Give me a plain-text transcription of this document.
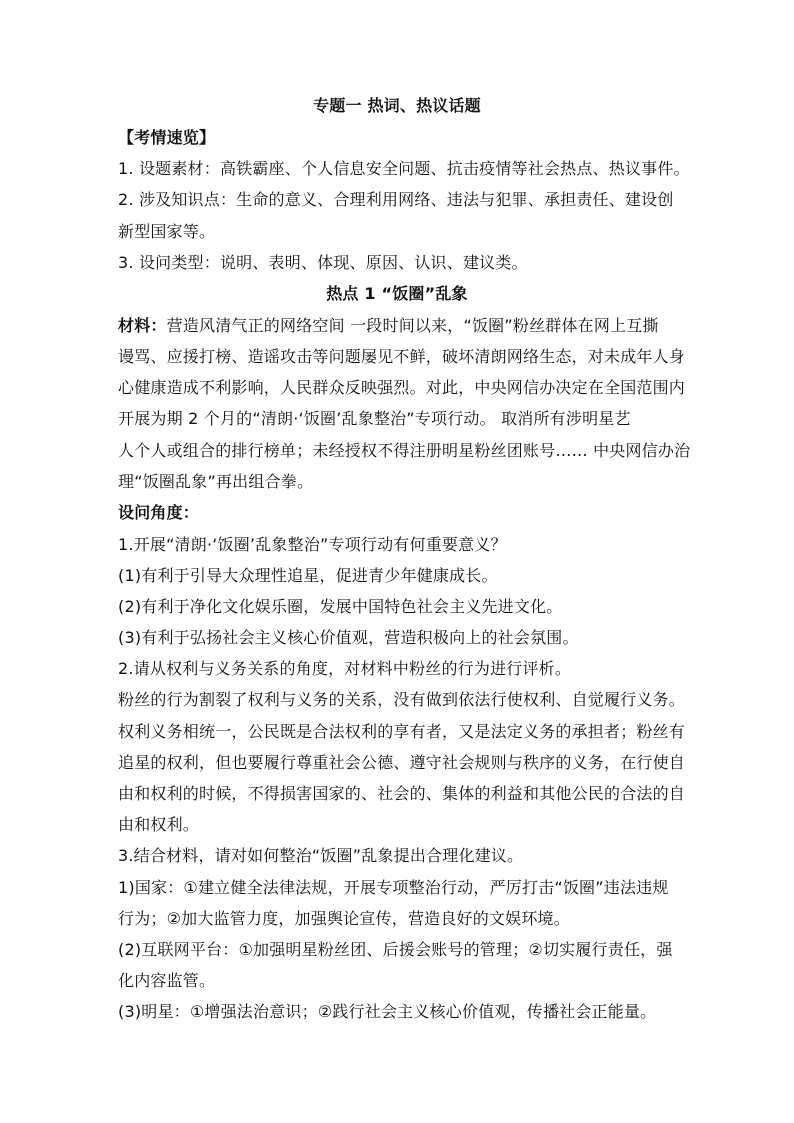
专题一 热词、热议话题
【考情速览】
1. 设题素材：高铁霸座、个人信息安全问题、抗击疫情等社会热点、热议事件。
2. 涉及知识点：生命的意义、合理利用网络、违法与犯罪、承担责任、建设创
新型国家等。
3. 设问类型：说明、表明、体现、原因、认识、建议类。
热点 1 “饭圈”乱象
材料：营造风清气正的网络空间 一段时间以来，“饭圈”粉丝群体在网上互撕
谩骂、应援打榜、造谣攻击等问题屡见不鲜，破坏清朗网络生态，对未成年人身
心健康造成不利影响，人民群众反映强烈。对此，中央网信办决定在全国范围内
开展为期 2 个月的“清朗·‘饭圈’乱象整治”专项行动。 取消所有涉明星艺
人个人或组合的排行榜单；未经授权不得注册明星粉丝团账号…… 中央网信办治
理“饭圈乱象”再出组合拳。
设问角度：
1.开展“清朗·‘饭圈’乱象整治”专项行动有何重要意义？
(1)有利于引导大众理性追星，促进青少年健康成长。
(2)有利于净化文化娱乐圈，发展中国特色社会主义先进文化。
(3)有利于弘扬社会主义核心价值观，营造积极向上的社会氛围。
2.请从权利与义务关系的角度，对材料中粉丝的行为进行评析。
粉丝的行为割裂了权利与义务的关系，没有做到依法行使权利、自觉履行义务。
权利义务相统一，公民既是合法权利的享有者，又是法定义务的承担者；粉丝有
追星的权利，但也要履行尊重社会公德、遵守社会规则与秩序的义务，在行使自
由和权利的时候，不得损害国家的、社会的、集体的利益和其他公民的合法的自
由和权利。
3.结合材料，请对如何整治“饭圈”乱象提出合理化建议。
1)国家：①建立健全法律法规，开展专项整治行动，严厉打击“饭圈”违法违规
行为；②加大监管力度，加强舆论宣传，营造良好的文娱环境。
(2)互联网平台：①加强明星粉丝团、后援会账号的管理；②切实履行责任，强
化内容监管。
(3)明星：①增强法治意识；②践行社会主义核心价值观，传播社会正能量。
